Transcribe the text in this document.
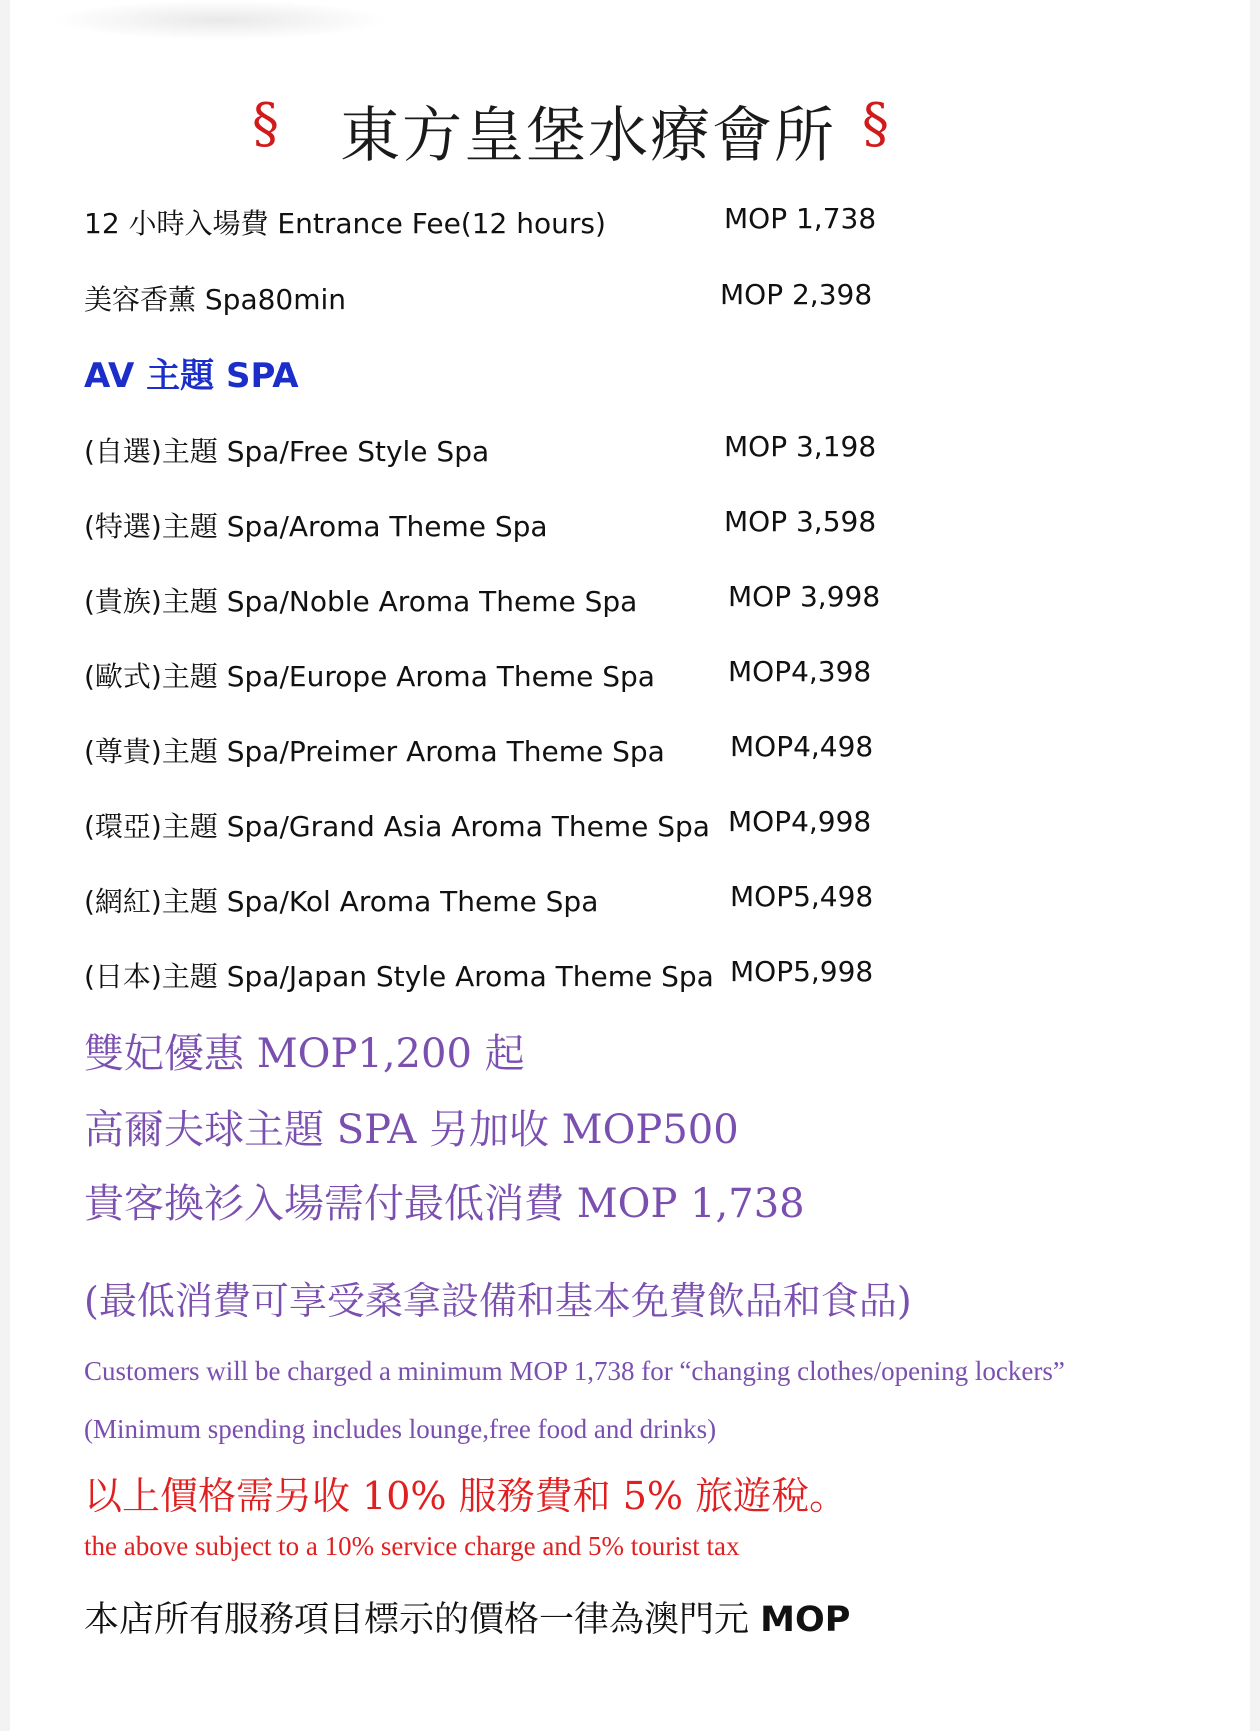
§ 東方皇堡水療會所 §
12 小時入場費 Entrance Fee(12 hours)	MOP 1,738
美容香薰 Spa80min	MOP 2,398
AV 主題 SPA
(自選)主題 Spa/Free Style Spa	MOP 3,198
(特選)主題 Spa/Aroma Theme Spa	MOP 3,598
(貴族)主題 Spa/Noble Aroma Theme Spa	MOP 3,998
(歐式)主題 Spa/Europe Aroma Theme Spa	MOP4,398
(尊貴)主題 Spa/Preimer Aroma Theme Spa MOP4,498
(環亞)主題 Spa/Grand Asia Aroma Theme Spa MOP4,998
(網紅)主題 Spa/Kol Aroma Theme Spa	MOP5,498
(日本)主題 Spa/Japan Style Aroma Theme Spa MOP5,998
雙妃優惠 MOP1,200 起
高爾夫球主題 SPA 另加收 MOP500
貴客換衫入場需付最低消費 MOP 1,738
(最低消費可享受桑拿設備和基本免費飲品和食品)
Customers will be charged a minimum MOP 1,738 for “changing clothes/opening lockers”
(Minimum spending includes lounge,free food and drinks)
以上價格需另收 10% 服務費和 5% 旅遊稅。
the above subject to a 10% service charge and 5% tourist tax
本店所有服務項目標示的價格一律為澳門元 MOP
